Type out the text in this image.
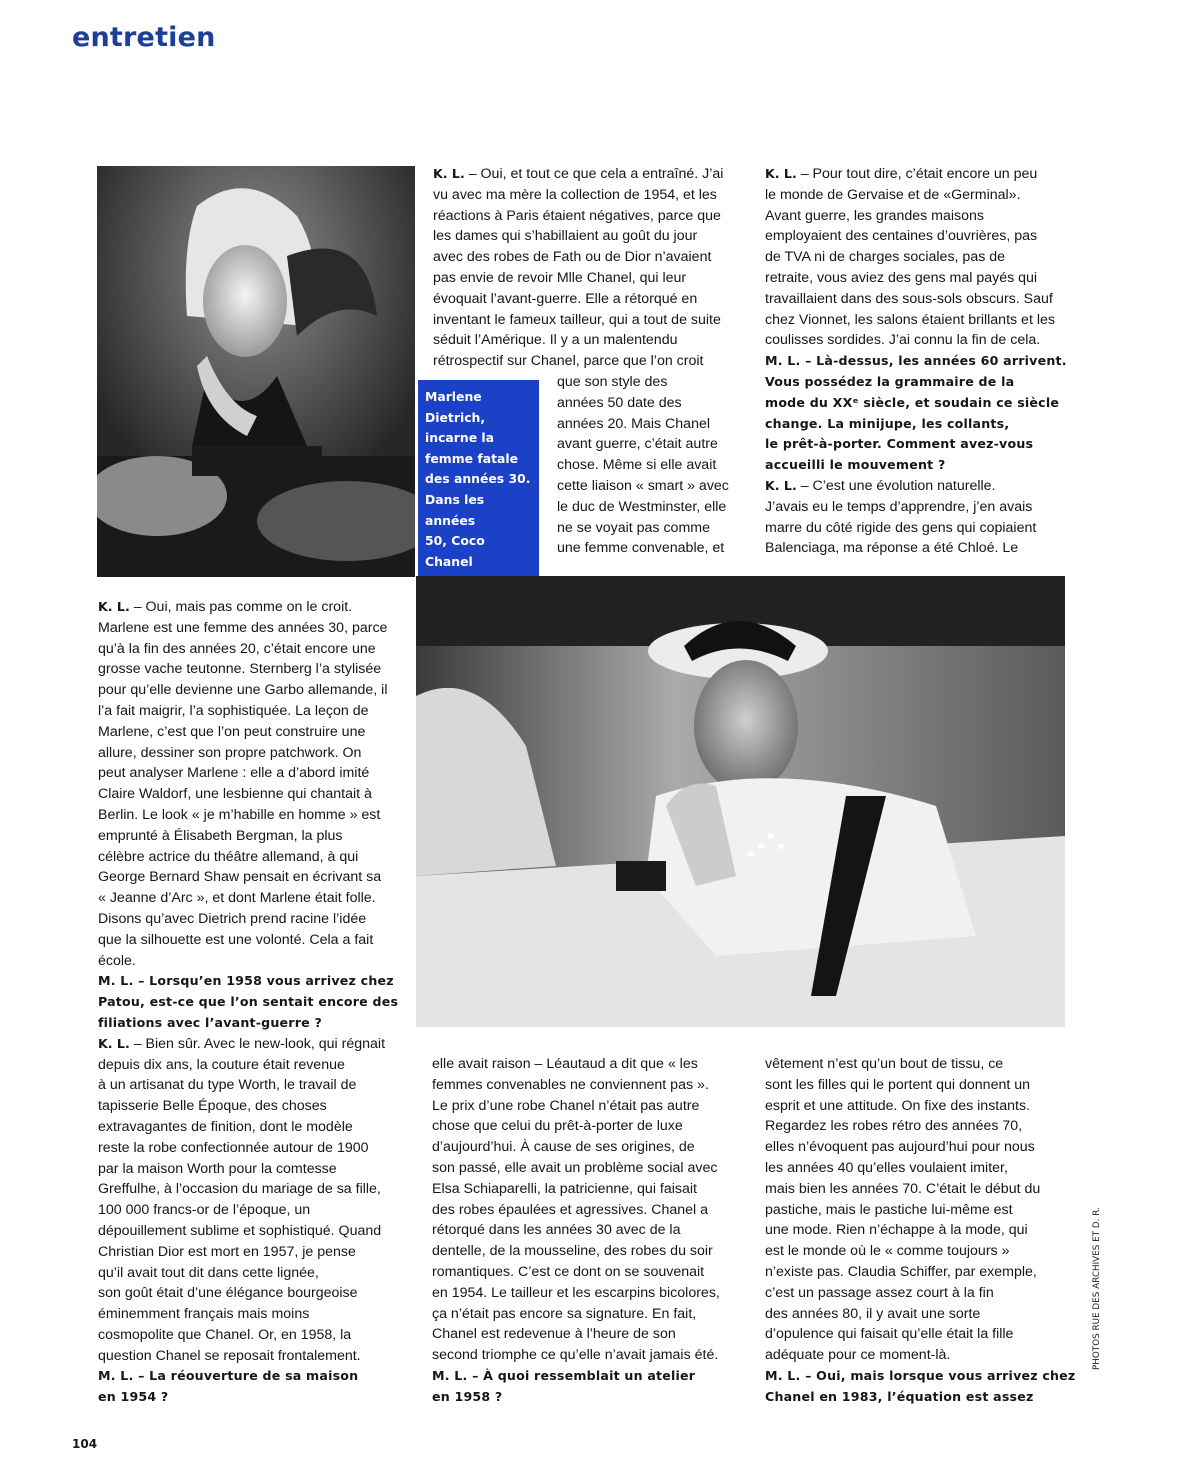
entretien

Marlene Dietrich,

incarne la

femme fatale

des années 30.

Dans les années

50, Coco Chanel

K. L. – Oui, et tout ce que cela a entraîné. J’ai

vu avec ma mère la collection de 1954, et les

réactions à Paris étaient négatives, parce que

les dames qui s’habillaient au goût du jour

avec des robes de Fath ou de Dior n’avaient

pas envie de revoir Mlle Chanel, qui leur

évoquait l’avant-guerre. Elle a rétorqué en

inventant le fameux tailleur, qui a tout de suite

séduit l’Amérique. Il y a un malentendu

rétrospectif sur Chanel, parce que l’on croit

que son style des

années 50 date des

années 20. Mais Chanel

avant guerre, c’était autre

chose. Même si elle avait

cette liaison « smart » avec

le duc de Westminster, elle

ne se voyait pas comme

une femme convenable, et

K. L. – Pour tout dire, c’était encore un peu

le monde de Gervaise et de «Germinal».

Avant guerre, les grandes maisons

employaient des centaines d’ouvrières, pas

de TVA ni de charges sociales, pas de

retraite, vous aviez des gens mal payés qui

travaillaient dans des sous-sols obscurs. Sauf

chez Vionnet, les salons étaient brillants et les

coulisses sordides. J’ai connu la fin de cela.

M. L. – Là-dessus, les années 60 arrivent.

Vous possédez la grammaire de la

mode du XXᵉ siècle, et soudain ce siècle

change. La minijupe, les collants,

le prêt-à-porter. Comment avez-vous

accueilli le mouvement ?

K. L. – C’est une évolution naturelle.

J’avais eu le temps d’apprendre, j’en avais

marre du côté rigide des gens qui copiaient

Balenciaga, ma réponse a été Chloé. Le

K. L. – Oui, mais pas comme on le croit.

Marlene est une femme des années 30, parce

qu’à la fin des années 20, c’était encore une

grosse vache teutonne. Sternberg l’a stylisée

pour qu’elle devienne une Garbo allemande, il

l’a fait maigrir, l’a sophistiquée. La leçon de

Marlene, c’est que l’on peut construire une

allure, dessiner son propre patchwork. On

peut analyser Marlene : elle a d’abord imité

Claire Waldorf, une lesbienne qui chantait à

Berlin. Le look « je m’habille en homme » est

emprunté à Élisabeth Bergman, la plus

célèbre actrice du théâtre allemand, à qui

George Bernard Shaw pensait en écrivant sa

« Jeanne d’Arc », et dont Marlene était folle.

Disons qu’avec Dietrich prend racine l’idée

que la silhouette est une volonté. Cela a fait

école.

M. L. – Lorsqu’en 1958 vous arrivez chez

Patou, est-ce que l’on sentait encore des

filiations avec l’avant-guerre ?

K. L. – Bien sûr. Avec le new-look, qui régnait

depuis dix ans, la couture était revenue

à un artisanat du type Worth, le travail de

tapisserie Belle Époque, des choses

extravagantes de finition, dont le modèle

reste la robe confectionnée autour de 1900

par la maison Worth pour la comtesse

Greffulhe, à l’occasion du mariage de sa fille,

100 000 francs-or de l’époque, un

dépouillement sublime et sophistiqué. Quand

Christian Dior est mort en 1957, je pense

qu’il avait tout dit dans cette lignée,

son goût était d’une élégance bourgeoise

éminemment français mais moins

cosmopolite que Chanel. Or, en 1958, la

question Chanel se reposait frontalement.

M. L. – La réouverture de sa maison

en 1954 ?

elle avait raison – Léautaud a dit que « les

femmes convenables ne conviennent pas ».

Le prix d’une robe Chanel n’était pas autre

chose que celui du prêt-à-porter de luxe

d’aujourd’hui. À cause de ses origines, de

son passé, elle avait un problème social avec

Elsa Schiaparelli, la patricienne, qui faisait

des robes épaulées et agressives. Chanel a

rétorqué dans les années 30 avec de la

dentelle, de la mousseline, des robes du soir

romantiques. C’est ce dont on se souvenait

en 1954. Le tailleur et les escarpins bicolores,

ça n’était pas encore sa signature. En fait,

Chanel est redevenue à l’heure de son

second triomphe ce qu’elle n’avait jamais été.

M. L. – À quoi ressemblait un atelier

en 1958 ?

vêtement n’est qu’un bout de tissu, ce

sont les filles qui le portent qui donnent un

esprit et une attitude. On fixe des instants.

Regardez les robes rétro des années 70,

elles n’évoquent pas aujourd’hui pour nous

les années 40 qu’elles voulaient imiter,

mais bien les années 70. C’était le début du

pastiche, mais le pastiche lui-même est

une mode. Rien n’échappe à la mode, qui

est le monde où le « comme toujours »

n’existe pas. Claudia Schiffer, par exemple,

c’est un passage assez court à la fin

des années 80, il y avait une sorte

d’opulence qui faisait qu’elle était la fille

adéquate pour ce moment-là.

M. L. – Oui, mais lorsque vous arrivez chez

Chanel en 1983, l’équation est assez

PHOTOS RUE DES ARCHIVES ET D. R.
104
